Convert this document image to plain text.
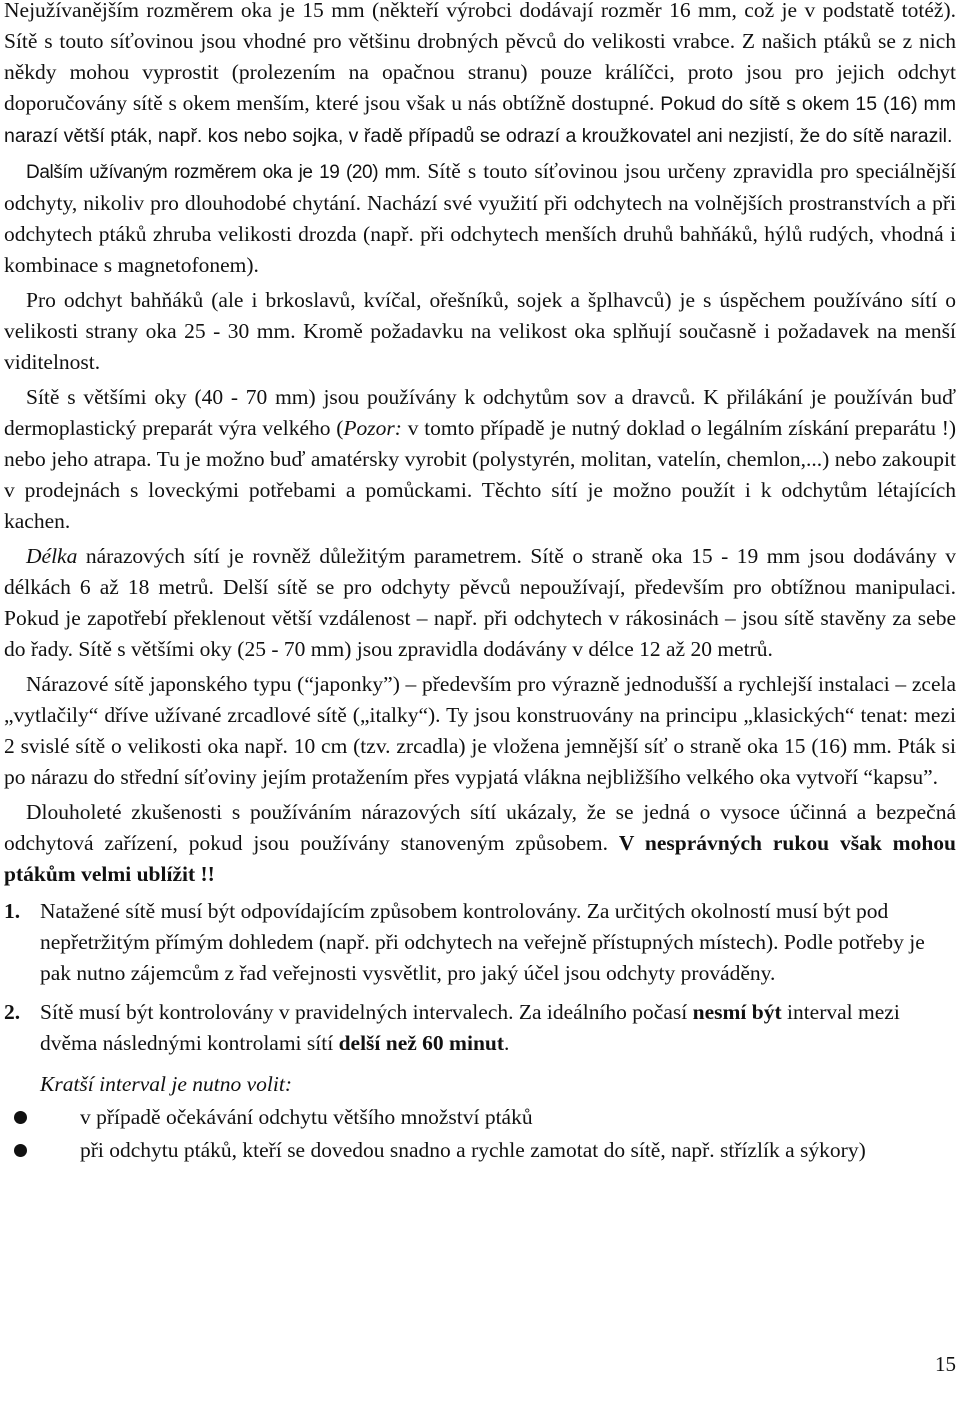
Nejužívanějším rozměrem oka je 15 mm (někteří výrobci dodávají rozměr 16 mm, což je v podstatě totéž). Sítě s touto síťovinou jsou vhodné pro většinu drobných pěvců do velikosti vrabce. Z našich ptáků se z nich někdy mohou vyprostit (prolezením na opačnou stranu) pouze králíčci, proto jsou pro jejich odchyt doporučovány sítě s okem menším, které jsou však u nás obtížně dostupné. Pokud do sítě s okem 15 (16) mm narazí větší pták, např. kos nebo sojka, v řadě případů se odrazí a kroužkovatel ani nezjistí, že do sítě narazil.

Dalším užívaným rozměrem oka je 19 (20) mm. Sítě s touto síťovinou jsou určeny zpravidla pro speciálnější odchyty, nikoliv pro dlouhodobé chytání. Nachází své využití při odchytech na volnějších prostranstvích a při odchytech ptáků zhruba velikosti drozda (např. při odchytech menších druhů bahňáků, hýlů rudých, vhodná i kombinace s magnetofonem).

Pro odchyt bahňáků (ale i brkoslavů, kvíčal, ořešníků, sojek a šplhavců) je s úspěchem používáno sítí o velikosti strany oka 25 - 30 mm. Kromě požadavku na velikost oka splňují současně i požadavek na menší viditelnost.

Sítě s většími oky (40 - 70 mm) jsou používány k odchytům sov a dravců. K přilákání je používán buď dermoplastický preparát výra velkého (Pozor: v tomto případě je nutný doklad o legálním získání preparátu !) nebo jeho atrapa. Tu je možno buď amatérsky vyrobit (polystyrén, molitan, vatelín, chemlon,...) nebo zakoupit v prodejnách s loveckými potřebami a pomůckami. Těchto sítí je možno použít i k odchytům létajících kachen.

Délka nárazových sítí je rovněž důležitým parametrem. Sítě o straně oka 15 - 19 mm jsou dodávány v délkách 6 až 18 metrů. Delší sítě se pro odchyty pěvců nepoužívají, především pro obtížnou manipulaci. Pokud je zapotřebí překlenout větší vzdálenost – např. při odchytech v rákosinách – jsou sítě stavěny za sebe do řady. Sítě s většími oky (25 - 70 mm) jsou zpravidla dodávány v délce 12 až 20 metrů.

Nárazové sítě japonského typu (“japonky”) – především pro výrazně jednodušší a rychlejší instalaci – zcela „vytlačily“ dříve užívané zrcadlové sítě („italky“). Ty jsou konstruovány na principu „klasických“ tenat: mezi 2 svislé sítě o velikosti oka např. 10 cm (tzv. zrcadla) je vložena jemnější síť o straně oka 15 (16) mm. Pták si po nárazu do střední síťoviny jejím protažením přes vypjatá vlákna nejbližšího velkého oka vytvoří “kapsu”.

Dlouholeté zkušenosti s používáním nárazových sítí ukázaly, že se jedná o vysoce účinná a bezpečná odchytová zařízení, pokud jsou používány stanoveným způsobem. V nesprávných rukou však mohou ptákům velmi ublížit !!

1. Natažené sítě musí být odpovídajícím způsobem kontrolovány. Za určitých okolností musí být pod nepřetržitým přímým dohledem (např. při odchytech na veřejně přístupných místech). Podle potřeby je pak nutno zájemcům z řad veřejnosti vysvětlit, pro jaký účel jsou odchyty prováděny.
2. Sítě musí být kontrolovány v pravidelných intervalech. Za ideálního počasí nesmí být interval mezi dvěma následnými kontrolami sítí delší než 60 minut.
Kratší interval je nutno volit:
v případě očekávání odchytu většího množství ptáků
při odchytu ptáků, kteří se dovedou snadno a rychle zamotat do sítě, např. střízlík a sýkory)
15
